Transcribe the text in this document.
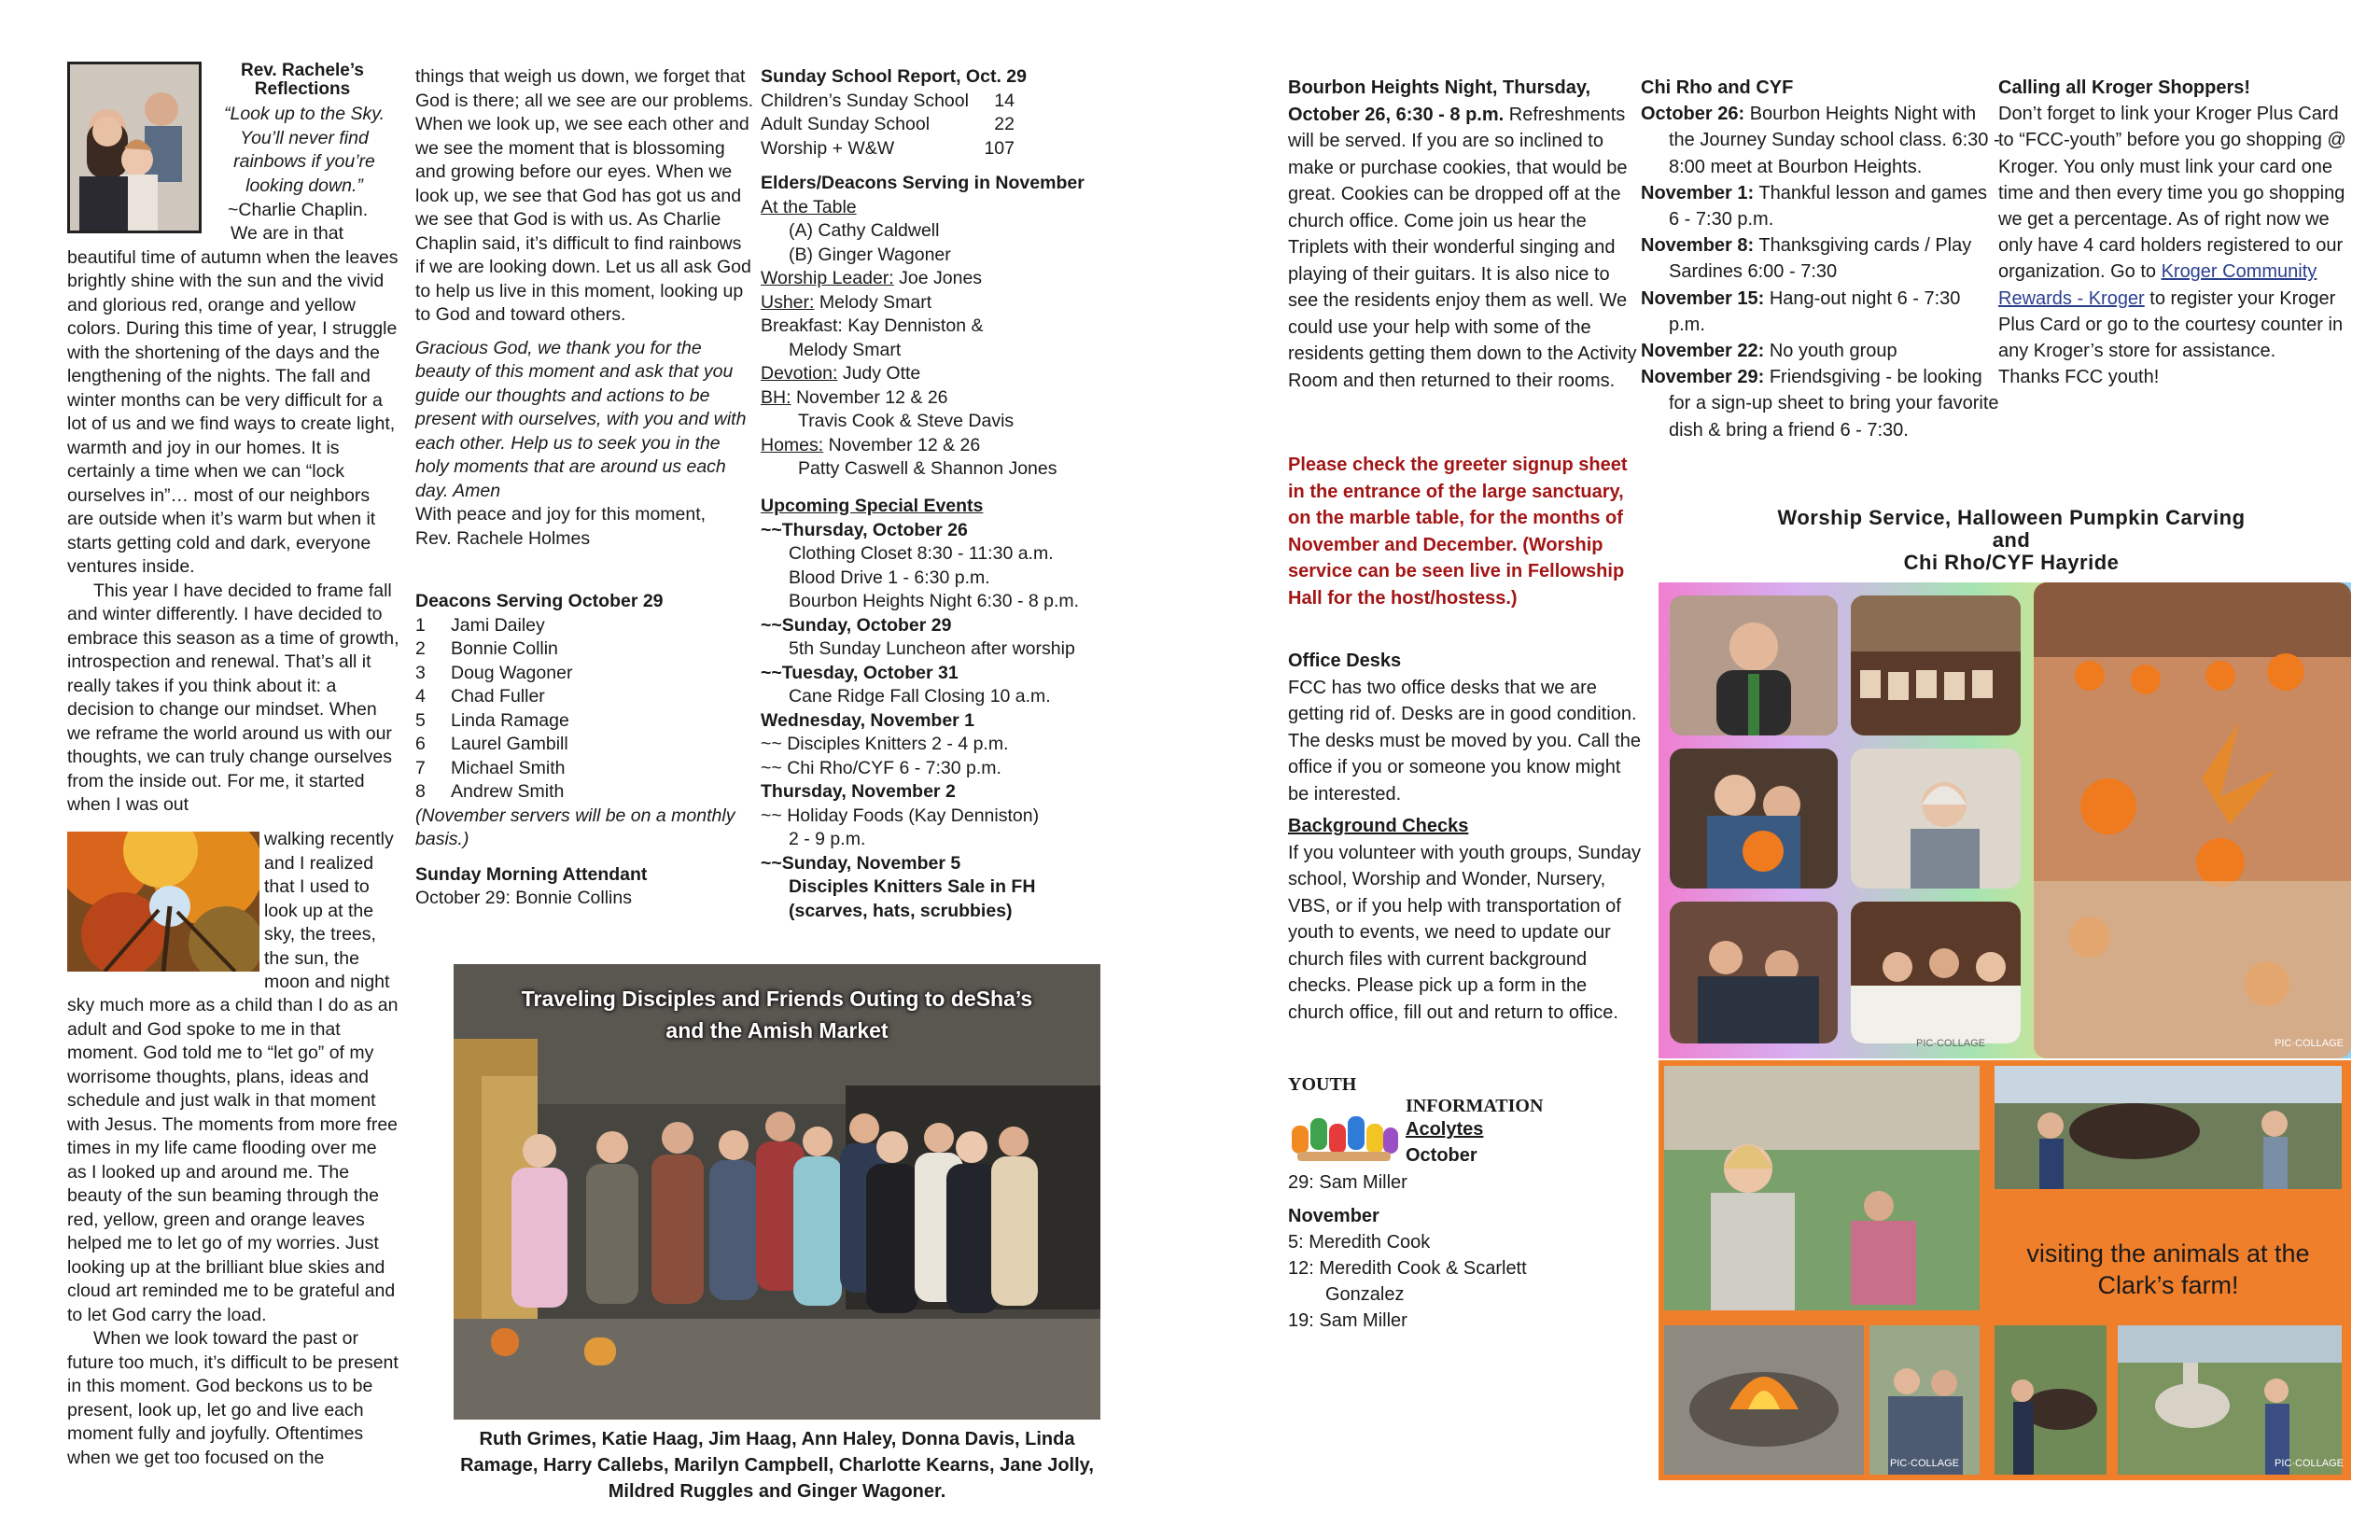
Rev. Rachele’s Reflections
“Look up to the Sky. You’ll never find rainbows if you’re looking down.”
~Charlie Chaplin.

We are in that beautiful time of autumn when the leaves brightly shine with the sun and the vivid and glorious red, orange and yellow colors. During this time of year, I struggle with the shortening of the days and the lengthening of the nights. The fall and winter months can be very difficult for a lot of us and we find ways to create light, warmth and joy in our homes. It is certainly a time when we can “lock ourselves in”… most of our neighbors are outside when it’s warm but when it starts getting cold and dark, everyone ventures inside.

This year I have decided to frame fall and winter differently. I have decided to embrace this season as a time of growth, introspection and renewal. That’s all it really takes if you think about it: a decision to change our mindset. When we reframe the world around us with our thoughts, we can truly change ourselves from the inside out. For me, it started when I was out

walking recently and I realized that I used to look up at the sky, the trees, the sun, the moon and night

sky much more as a child than I do as an adult and God spoke to me in that moment. God told me to “let go” of my worrisome thoughts, plans, ideas and schedule and just walk in that moment with Jesus. The moments from more free times in my life came flooding over me as I looked up and around me. The beauty of the sun beaming through the red, yellow, green and orange leaves helped me to let go of my worries. Just looking up at the brilliant blue skies and cloud art reminded me to be grateful and to let God carry the load.

When we look toward the past or future too much, it’s difficult to be present in this moment. God beckons us to be present, look up, let go and live each moment fully and joyfully. Oftentimes when we get too focused on the

things that weigh us down, we forget that God is there; all we see are our problems. When we look up, we see each other and we see the moment that is blossoming and growing before our eyes. When we look up, we see that God has got us and we see that God is with us. As Charlie Chaplin said, it’s difficult to find rainbows if we are looking down. Let us all ask God to help us live in this moment, looking up to God and toward others.

Gracious God, we thank you for the beauty of this moment and ask that you guide our thoughts and actions to be present with ourselves, with you and with each other. Help us to seek you in the holy moments that are around us each day. Amen

With peace and joy for this moment,

Rev. Rachele Holmes

Deacons Serving October 29
1 Jami Dailey
2 Bonnie Collin
3 Doug Wagoner
4 Chad Fuller
5 Linda Ramage
6 Laurel Gambill
7 Michael Smith
8 Andrew Smith
(November servers will be on a monthly basis.)
Sunday Morning Attendant
October 29: Bonnie Collins
Sunday School Report, Oct. 29
Children’s Sunday School	14
Adult Sunday School	22
Worship + W&W	107
Elders/Deacons Serving in November
At the Table
(A) Cathy Caldwell
(B) Ginger Wagoner
Worship Leader: Joe Jones
Usher: Melody Smart
Breakfast: Kay Denniston &
Melody Smart
Devotion: Judy Otte
BH: November 12 & 26
Travis Cook & Steve Davis
Homes: November 12 & 26
Patty Caswell & Shannon Jones
Upcoming Special Events
~~Thursday, October 26
Clothing Closet 8:30 - 11:30 a.m.
Blood Drive 1 - 6:30 p.m.
Bourbon Heights Night 6:30 - 8 p.m.
~~Sunday, October 29
5th Sunday Luncheon after worship
~~Tuesday, October 31
Cane Ridge Fall Closing 10 a.m.
Wednesday, November 1
~~ Disciples Knitters 2 - 4 p.m.
~~ Chi Rho/CYF 6 - 7:30 p.m.
Thursday, November 2
~~ Holiday Foods (Kay Denniston)
2 - 9 p.m.
~~Sunday, November 5
Disciples Knitters Sale in FH
(scarves, hats, scrubbies)
Traveling Disciples and Friends Outing to deSha’s and the Amish Market
Ruth Grimes, Katie Haag, Jim Haag, Ann Haley, Donna Davis, Linda Ramage, Harry Callebs, Marilyn Campbell, Charlotte Kearns, Jane Jolly, Mildred Ruggles and Ginger Wagoner.
Bourbon Heights Night, Thursday, October 26, 6:30 - 8 p.m. Refreshments will be served. If you are so inclined to make or purchase cookies, that would be great. Cookies can be dropped off at the church office. Come join us hear the Triplets with their wonderful singing and playing of their guitars. It is also nice to see the residents enjoy them as well. We could use your help with some of the residents getting them down to the Activity Room and then returned to their rooms.
Please check the greeter signup sheet in the entrance of the large sanctuary, on the marble table, for the months of November and December. (Worship service can be seen live in Fellowship Hall for the host/hostess.)
Office Desks
FCC has two office desks that we are getting rid of. Desks are in good condition. The desks must be moved by you. Call the office if you or someone you know might be interested.
Background Checks
If you volunteer with youth groups, Sunday school, Worship and Wonder, Nursery, VBS, or if you help with transportation of youth to events, we need to update our church files with current background checks. Please pick up a form in the church office, fill out and return to office.
YOUTH
INFORMATION
Acolytes
October
29: Sam Miller
November
5: Meredith Cook
12: Meredith Cook & Scarlett Gonzalez
19: Sam Miller
Chi Rho and CYF
October 26: Bourbon Heights Night with the Journey Sunday school class. 6:30 - 8:00 meet at Bourbon Heights.
November 1: Thankful lesson and games 6 - 7:30 p.m.
November 8: Thanksgiving cards / Play Sardines 6:00 - 7:30
November 15: Hang-out night 6 - 7:30 p.m.
November 22: No youth group
November 29: Friendsgiving - be looking for a sign-up sheet to bring your favorite dish & bring a friend 6 - 7:30.
Calling all Kroger Shoppers!
Don’t forget to link your Kroger Plus Card to “FCC-youth” before you go shopping @ Kroger. You only must link your card one time and then every time you go shopping we get a percentage. As of right now we only have 4 card holders registered to our organization. Go to Kroger Community Rewards - Kroger to register your Kroger Plus Card or go to the courtesy counter in any Kroger’s store for assistance.
Thanks FCC youth!
Worship Service, Halloween Pumpkin Carving
and
Chi Rho/CYF Hayride
PIC·COLLAGE	PIC·COLLAGE
visiting the animals at the Clark’s farm!
PIC·COLLAGE	PIC·COLLAGE
